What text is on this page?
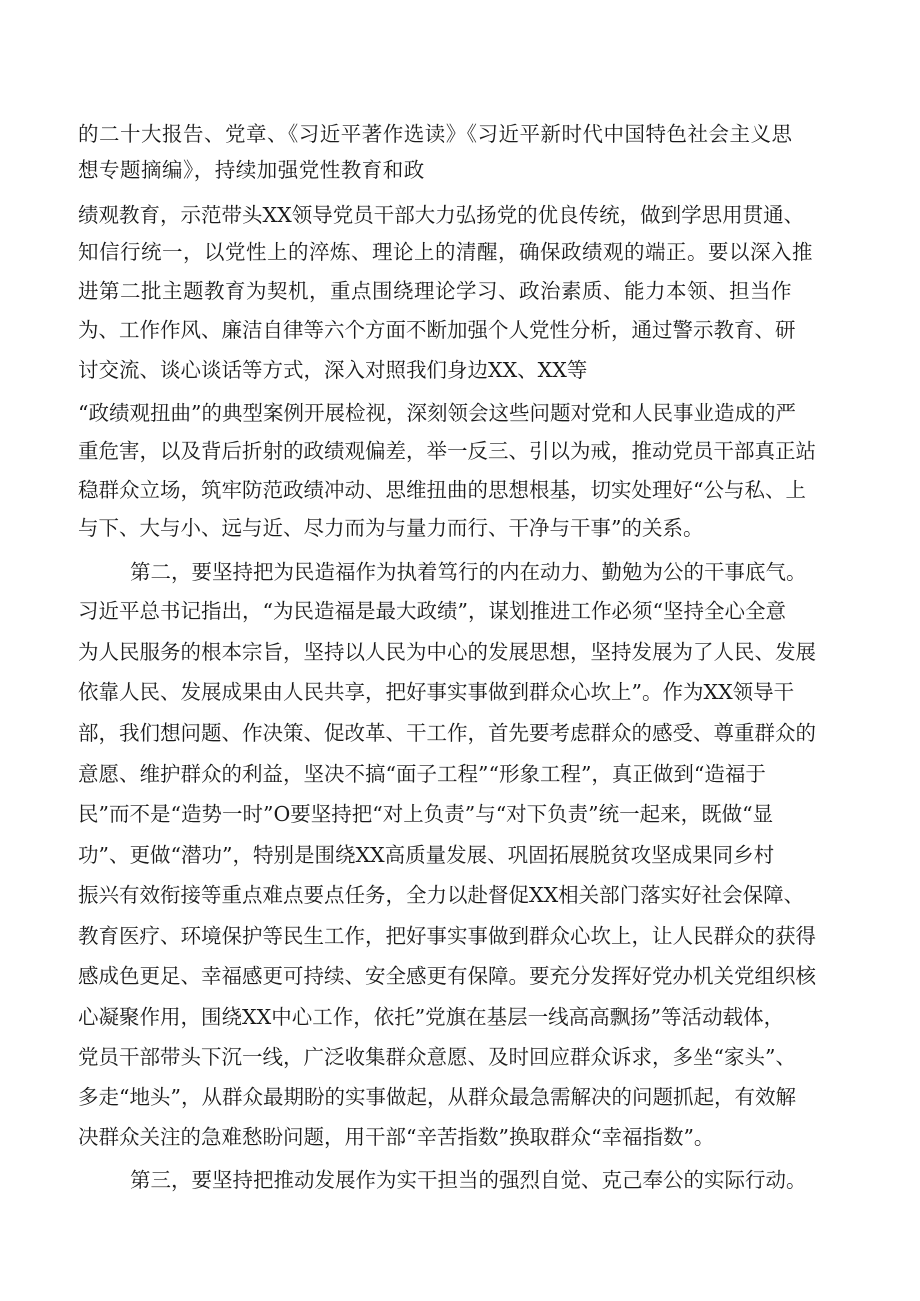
的二十大报告、党章、《习近平著作选读》《习近平新时代中国特色社会主义思
想专题摘编》，持续加强党性教育和政
绩观教育，示范带头XX领导党员干部大力弘扬党的优良传统，做到学思用贯通、
知信行统一，以党性上的淬炼、理论上的清醒，确保政绩观的端正。要以深入推
进第二批主题教育为契机，重点围绕理论学习、政治素质、能力本领、担当作
为、工作作风、廉洁自律等六个方面不断加强个人党性分析，通过警示教育、研
讨交流、谈心谈话等方式，深入对照我们身边XX、XX等
“政绩观扭曲”的典型案例开展检视，深刻领会这些问题对党和人民事业造成的严
重危害，以及背后折射的政绩观偏差，举一反三、引以为戒，推动党员干部真正站
稳群众立场，筑牢防范政绩冲动、思维扭曲的思想根基，切实处理好“公与私、上
与下、大与小、远与近、尽力而为与量力而行、干净与干事”的关系。
第二，要坚持把为民造福作为执着笃行的内在动力、勤勉为公的干事底气。
习近平总书记指出，“为民造福是最大政绩”，谋划推进工作必须“坚持全心全意
为人民服务的根本宗旨，坚持以人民为中心的发展思想，坚持发展为了人民、发展
依靠人民、发展成果由人民共享，把好事实事做到群众心坎上”。作为XX领导干
部，我们想问题、作决策、促改革、干工作，首先要考虑群众的感受、尊重群众的
意愿、维护群众的利益，坚决不搞“面子工程”“形象工程”，真正做到“造福于
民”而不是“造势一时”O要坚持把“对上负责”与“对下负责”统一起来，既做“显
功”、更做“潜功”，特别是围绕XX高质量发展、巩固拓展脱贫攻坚成果同乡村
振兴有效衔接等重点难点要点任务，全力以赴督促XX相关部门落实好社会保障、
教育医疗、环境保护等民生工作，把好事实事做到群众心坎上，让人民群众的获得
感成色更足、幸福感更可持续、安全感更有保障。要充分发挥好党办机关党组织核
心凝聚作用，围绕XX中心工作，依托”党旗在基层一线高高飘扬”等活动载体，
党员干部带头下沉一线，广泛收集群众意愿、及时回应群众诉求，多坐“家头”、
多走“地头”，从群众最期盼的实事做起，从群众最急需解决的问题抓起，有效解
决群众关注的急难愁盼问题，用干部“辛苦指数”换取群众“幸福指数”。
第三，要坚持把推动发展作为实干担当的强烈自觉、克己奉公的实际行动。
